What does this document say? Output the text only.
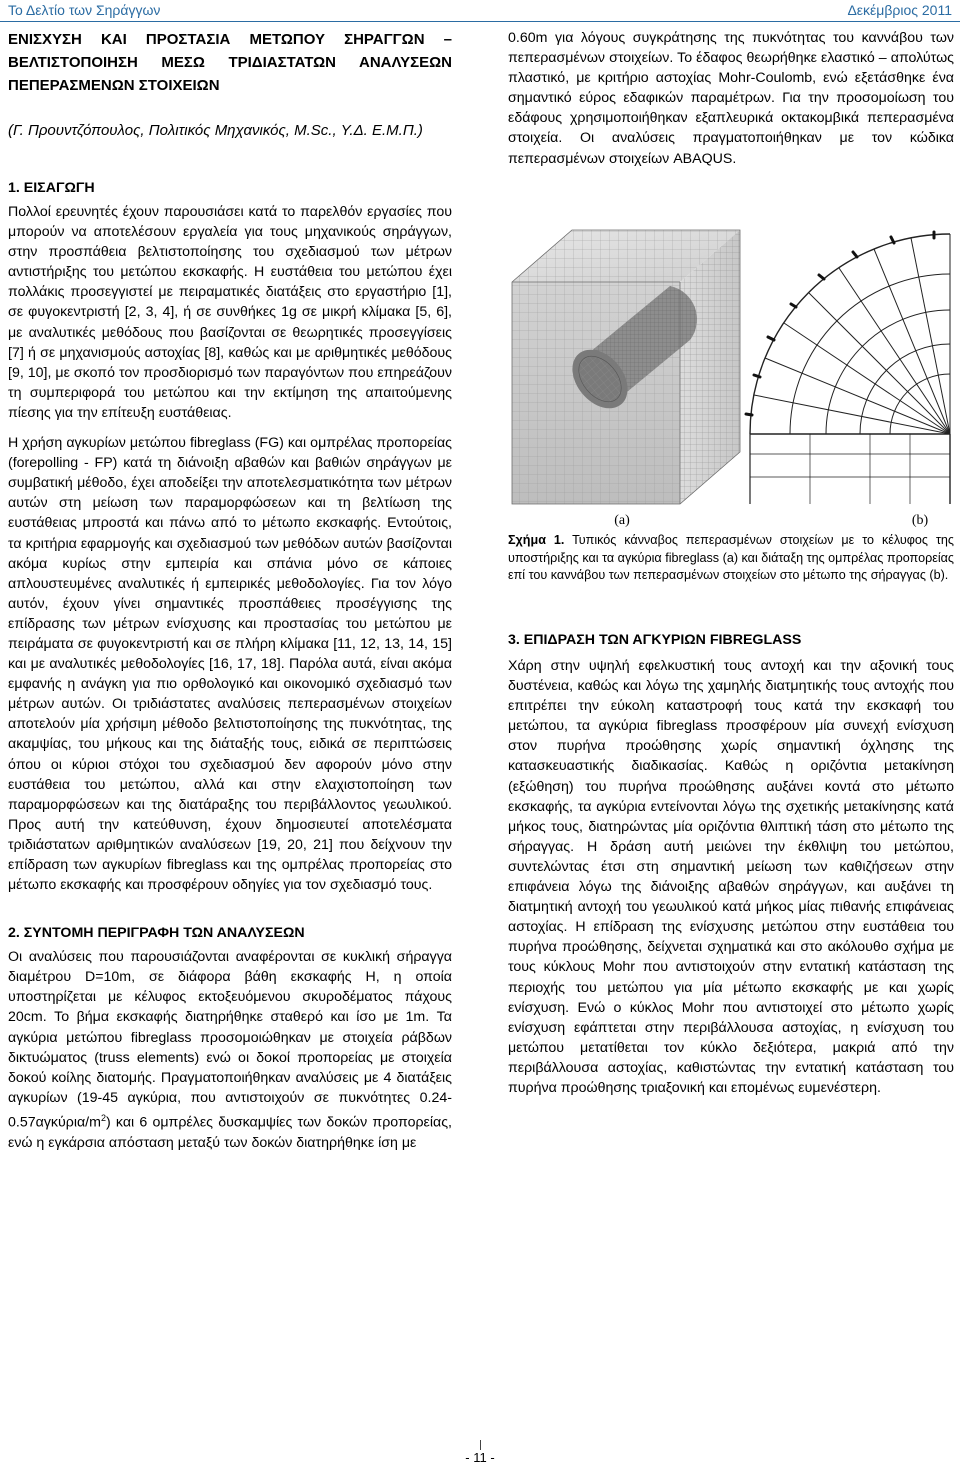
Το Δελτίο των Σηράγγων	Δεκέμβριος 2011
ΕΝΙΣΧΥΣΗ ΚΑΙ ΠΡΟΣΤΑΣΙΑ ΜΕΤΩΠΟΥ ΣΗΡΑΓΓΩΝ – ΒΕΛΤΙΣΤΟΠΟΙΗΣΗ ΜΕΣΩ ΤΡΙΔΙΑΣΤΑΤΩΝ ΑΝΑΛΥΣΕΩΝ ΠΕΠΕΡΑΣΜΕΝΩΝ ΣΤΟΙΧΕΙΩΝ
(Γ. Προυντζόπουλος, Πολιτικός Μηχανικός, M.Sc., Υ.Δ. Ε.Μ.Π.)
1. ΕΙΣΑΓΩΓΗ

Πολλοί ερευνητές έχουν παρουσιάσει κατά το παρελθόν εργασίες που μπορούν να αποτελέσουν εργαλεία για τους μηχανικούς σηράγγων, στην προσπάθεια βελτιστοποίησης του σχεδιασμού των μέτρων αντιστήριξης του μετώπου εκσκαφής. Η ευστάθεια του μετώπου έχει πολλάκις προσεγγιστεί με πειραματικές διατάξεις στο εργαστήριο [1], σε φυγοκεντριστή [2, 3, 4], ή σε συνθήκες 1g σε μικρή κλίμακα [5, 6], με αναλυτικές μεθόδους που βασίζονται σε θεωρητικές προσεγγίσεις [7] ή σε μηχανισμούς αστοχίας [8], καθώς και με αριθμητικές μεθόδους [9, 10], με σκοπό τον προσδιορισμό των παραγόντων που επηρεάζουν τη συμπεριφορά του μετώπου και την εκτίμηση της απαιτούμενης πίεσης για την επίτευξη ευστάθειας.

Η χρήση αγκυρίων μετώπου fibreglass (FG) και ομπρέλας προπορείας (forepolling - FP) κατά τη διάνοιξη αβαθών και βαθιών σηράγγων με συμβατική μέθοδο, έχει αποδείξει την αποτελεσματικότητα των μέτρων αυτών στη μείωση των παραμορφώσεων και τη βελτίωση της ευστάθειας μπροστά και πάνω από το μέτωπο εκσκαφής. Εντούτοις, τα κριτήρια εφαρμογής και σχεδιασμού των μεθόδων αυτών βασίζονται ακόμα κυρίως στην εμπειρία και σπάνια μόνο σε κάποιες απλουστευμένες αναλυτικές ή εμπειρικές μεθοδολογίες. Για τον λόγο αυτόν, έχουν γίνει σημαντικές προσπάθειες προσέγγισης της επίδρασης των μέτρων ενίσχυσης και προστασίας του μετώπου με πειράματα σε φυγοκεντριστή και σε πλήρη κλίμακα [11, 12, 13, 14, 15] και με αναλυτικές μεθοδολογίες [16, 17, 18]. Παρόλα αυτά, είναι ακόμα εμφανής η ανάγκη για πιο ορθολογικό και οικονομικό σχεδιασμό των μέτρων αυτών. Οι τριδιάστατες αναλύσεις πεπερασμένων στοιχείων αποτελούν μία χρήσιμη μέθοδο βελτιστοποίησης της πυκνότητας, της ακαμψίας, του μήκους και της διάταξής τους, ειδικά σε περιπτώσεις όπου οι κύριοι στόχοι του σχεδιασμού δεν αφορούν μόνο στην ευστάθεια του μετώπου, αλλά και στην ελαχιστοποίηση των παραμορφώσεων και της διατάραξης του περιβάλλοντος γεωυλικού. Προς αυτή την κατεύθυνση, έχουν δημοσιευτεί αποτελέσματα τριδιάστατων αριθμητικών αναλύσεων [19, 20, 21] που δείχνουν την επίδραση των αγκυρίων fibreglass και της ομπρέλας προπορείας στο μέτωπο εκσκαφής και προσφέρουν οδηγίες για τον σχεδιασμό τους.

2. ΣΥΝΤΟΜΗ ΠΕΡΙΓΡΑΦΗ ΤΩΝ ΑΝΑΛΥΣΕΩΝ

Οι αναλύσεις που παρουσιάζονται αναφέρονται σε κυκλική σήραγγα διαμέτρου D=10m, σε διάφορα βάθη εκσκαφής H, η οποία υποστηρίζεται με κέλυφος εκτοξευόμενου σκυροδέματος πάχους 20cm. Το βήμα εκσκαφής διατηρήθηκε σταθερό και ίσο με 1m. Τα αγκύρια μετώπου fibreglass προσομοιώθηκαν με στοιχεία ράβδων δικτυώματος (truss elements) ενώ οι δοκοί προπορείας με στοιχεία δοκού κοίλης διατομής. Πραγματοποιήθηκαν αναλύσεις με 4 διατάξεις αγκυρίων (19-45 αγκύρια, που αντιστοιχούν σε πυκνότητες $0.24-0.57\alpha\gamma\kappa ύ\rho\iota\alpha/m^2$) και 6 ομπρέλες δυσκαμψίες των δοκών προπορείας, ενώ η εγκάρσια απόσταση μεταξύ των δοκών διατηρήθηκε ίση με

0.60m για λόγους συγκράτησης της πυκνότητας του καννάβου των πεπερασμένων στοιχείων. Το έδαφος θεωρήθηκε ελαστικό – απολύτως πλαστικό, με κριτήριο αστοχίας Mohr-Coulomb, ενώ εξετάσθηκε ένα σημαντικό εύρος εδαφικών παραμέτρων. Για την προσομοίωση του εδάφους χρησιμοποιήθηκαν εξαπλευρικά οκτακομβικά πεπερασμένα στοιχεία. Οι αναλύσεις πραγματοποιήθηκαν με τον κώδικα πεπερασμένων στοιχείων ABAQUS.

(a)	(b)
Σχήμα 1. Τυπικός κάνναβος πεπερασμένων στοιχείων με το κέλυφος της υποστήριξης και τα αγκύρια fibreglass (a) και διάταξη της ομπρέλας προπορείας επί του καννάβου των πεπερασμένων στοιχείων στο μέτωπο της σήραγγας (b).
3. ΕΠΙΔΡΑΣΗ ΤΩΝ ΑΓΚΥΡΙΩΝ FIBREGLASS

Χάρη στην υψηλή εφελκυστική τους αντοχή και την αξονική τους δυστένεια, καθώς και λόγω της χαμηλής διατμητικής τους αντοχής που επιτρέπει την εύκολη καταστροφή τους κατά την εκσκαφή του μετώπου, τα αγκύρια fibreglass προσφέρουν μία συνεχή ενίσχυση στον πυρήνα προώθησης χωρίς σημαντική όχλησης της κατασκευαστικής διαδικασίας. Καθώς η οριζόντια μετακίνηση (εξώθηση) του πυρήνα προώθησης αυξάνει κοντά στο μέτωπο εκσκαφής, τα αγκύρια εντείνονται λόγω της σχετικής μετακίνησης κατά μήκος τους, διατηρώντας μία οριζόντια θλιπτική τάση στο μέτωπο της σήραγγας. Η δράση αυτή μειώνει την έκθλιψη του μετώπου, συντελώντας έτσι στη σημαντική μείωση των καθιζήσεων στην επιφάνεια λόγω της διάνοιξης αβαθών σηράγγων, και αυξάνει τη διατμητική αντοχή του γεωυλικού κατά μήκος μίας πιθανής επιφάνειας αστοχίας. Η επίδραση της ενίσχυσης μετώπου στην ευστάθεια του πυρήνα προώθησης, δείχνεται σχηματικά και στο ακόλουθο σχήμα με τους κύκλους Mohr που αντιστοιχούν στην εντατική κατάσταση της περιοχής του μετώπου για μία μέτωπο εκσκαφής με και χωρίς ενίσχυση. Ενώ ο κύκλος Mohr που αντιστοιχεί στο μέτωπο χωρίς ενίσχυση εφάπτεται στην περιβάλλουσα αστοχίας, η ενίσχυση του μετώπου μετατίθεται τον κύκλο δεξιότερα, μακριά από την περιβάλλουσα αστοχίας, καθιστώντας την εντατική κατάσταση του πυρήνα προώθησης τριαξονική και επομένως ευμενέστερη.

- 11 -
